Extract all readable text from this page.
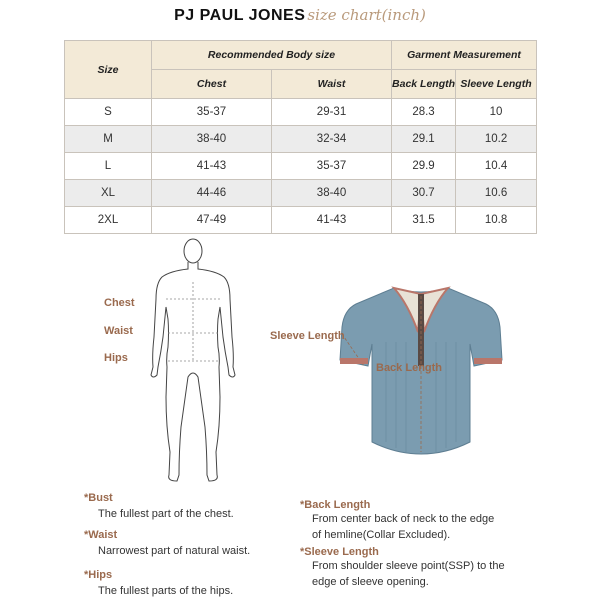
PJ PAUL JONES size chart(inch)
Size	Recommended Body size		Garment Measurement	
	Chest	Waist	Back Length	Sleeve Length
S	35-37	29-31	28.3	10
M	38-40	32-34	29.1	10.2
L	41-43	35-37	29.9	10.4
XL	44-46	38-40	30.7	10.6
2XL	47-49	41-43	31.5	10.8
Chest
Waist
Hips
Sleeve Length
Back Length
*Bust
The fullest part of the chest.
*Waist
Narrowest part of natural waist.
*Hips
The fullest parts of the hips.
*Back Length
From center back of neck to the edge
of hemline(Collar Excluded).
*Sleeve Length
From shoulder sleeve point(SSP) to the
edge of sleeve opening.
